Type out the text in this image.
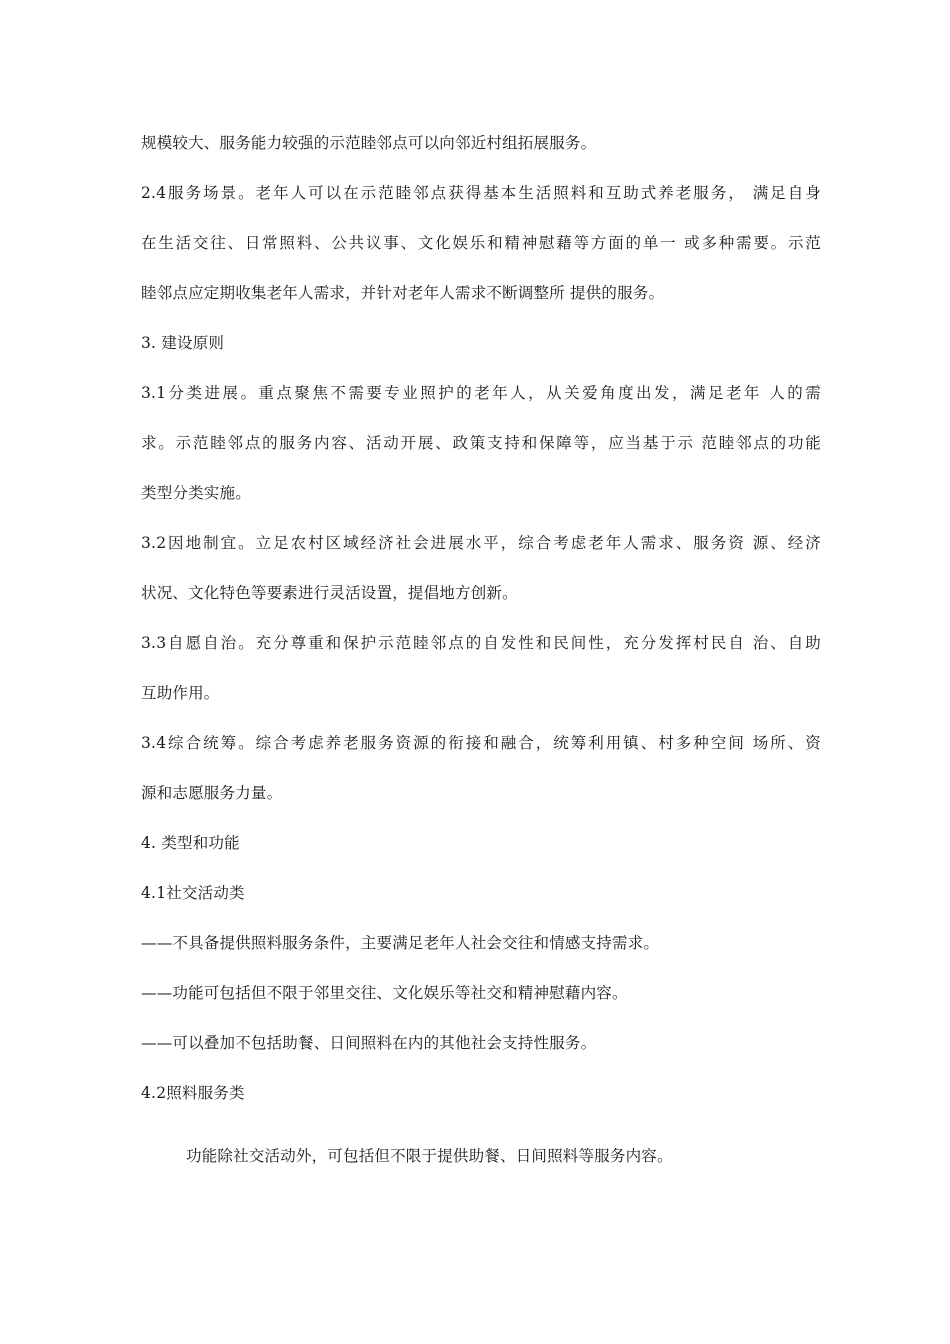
规模较大、服务能力较强的示范睦邻点可以向邻近村组拓展服务。
2.4服务场景。老年人可以在示范睦邻点获得基本生活照料和互助式养老服务， 满足自身
在生活交往、日常照料、公共议事、文化娱乐和精神慰藉等方面的单一 或多种需要。示范
睦邻点应定期收集老年人需求，并针对老年人需求不断调整所 提供的服务。
3. 建设原则
3.1分类进展。重点聚焦不需要专业照护的老年人，从关爱角度出发，满足老年 人的需
求。示范睦邻点的服务内容、活动开展、政策支持和保障等，应当基于示 范睦邻点的功能
类型分类实施。
3.2因地制宜。立足农村区域经济社会进展水平，综合考虑老年人需求、服务资 源、经济
状况、文化特色等要素进行灵活设置，提倡地方创新。
3.3自愿自治。充分尊重和保护示范睦邻点的自发性和民间性，充分发挥村民自 治、自助
互助作用。
3.4综合统筹。综合考虑养老服务资源的衔接和融合，统筹利用镇、村多种空间 场所、资
源和志愿服务力量。
4. 类型和功能
4.1社交活动类
——不具备提供照料服务条件，主要满足老年人社会交往和情感支持需求。
——功能可包括但不限于邻里交往、文化娱乐等社交和精神慰藉内容。
——可以叠加不包括助餐、日间照料在内的其他社会支持性服务。
4.2照料服务类
功能除社交活动外，可包括但不限于提供助餐、日间照料等服务内容。
